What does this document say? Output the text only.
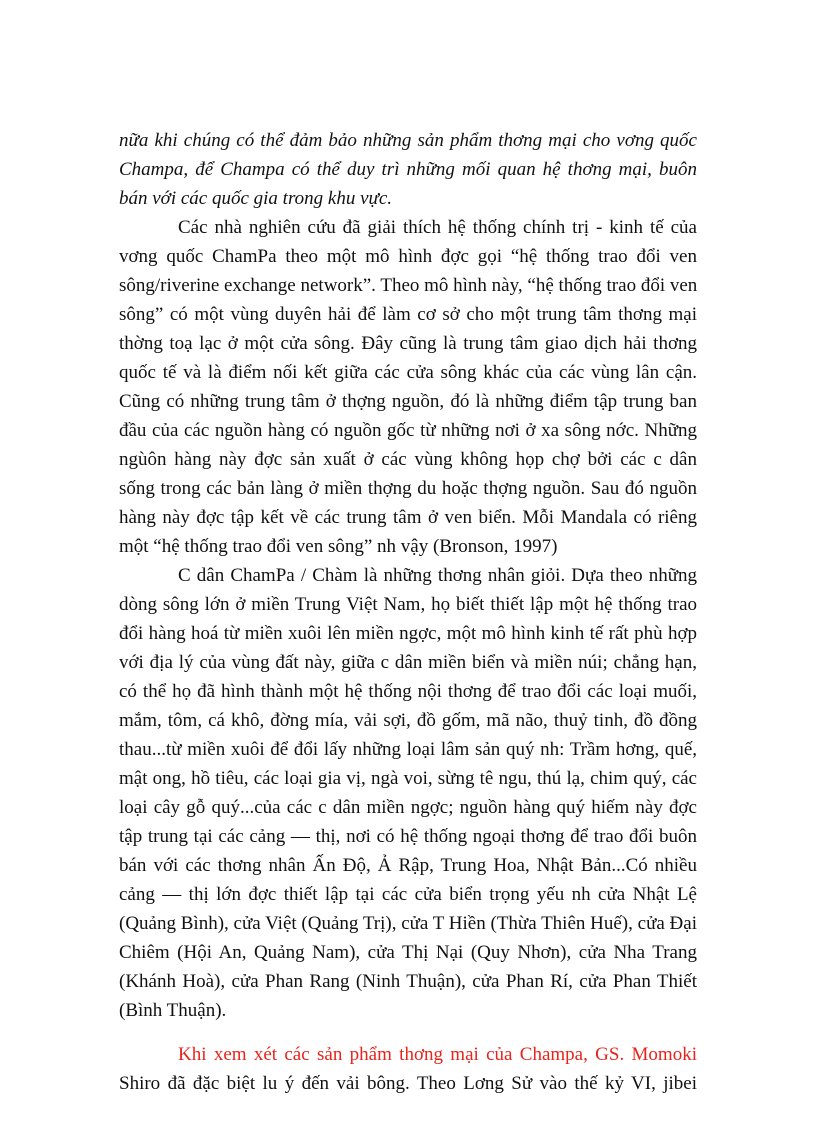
nữa khi chúng có thể đảm bảo những sản phẩm thơng mại cho vơng quốc
Champa, để Champa có thể duy trì những mối quan hệ thơng mại, buôn
bán với các quốc gia trong khu vực.
Các nhà nghiên cứu đã giải thích hệ thống chính trị - kinh tế của
vơng quốc ChamPa theo một mô hình đợc gọi “hệ thống trao đổi ven
sông/riverine exchange network”. Theo mô hình này, “hệ thống trao đổi ven
sông” có một vùng duyên hải để làm cơ sở cho một trung tâm thơng mại
thờng toạ lạc ở một cửa sông. Đây cũng là trung tâm giao dịch hải thơng
quốc tế và là điểm nối kết giữa các cửa sông khác của các vùng lân cận.
Cũng có những trung tâm ở thợng nguồn, đó là những điểm tập trung ban
đầu của các nguồn hàng có nguồn gốc từ những nơi ở xa sông nớc. Những
ngùôn hàng này đợc sản xuất ở các vùng không họp chợ bởi các c dân
sống trong các bản làng ở miền thợng du hoặc thợng nguồn. Sau đó nguồn
hàng này đợc tập kết về các trung tâm ở ven biển. Mỗi Mandala có riêng
một “hệ thống trao đổi ven sông” nh vậy (Bronson, 1997)
C dân ChamPa / Chàm là những thơng nhân giỏi. Dựa theo những
dòng sông lớn ở miền Trung Việt Nam, họ biết thiết lập một hệ thống trao
đổi hàng hoá từ miền xuôi lên miền ngợc, một mô hình kinh tế rất phù hợp
với địa lý của vùng đất này, giữa c dân miền biển và miền núi; chẳng hạn,
có thể họ đã hình thành một hệ thống nội thơng để trao đổi các loại muối,
mắm, tôm, cá khô, đờng mía, vải sợi, đồ gốm, mã não, thuỷ tinh, đồ đồng
thau...từ miền xuôi để đổi lấy những loại lâm sản quý nh: Trầm hơng, quế,
mật ong, hồ tiêu, các loại gia vị, ngà voi, sừng tê ngu, thú lạ, chim quý, các
loại cây gỗ quý...của các c dân miền ngợc; nguồn hàng quý hiếm này đợc
tập trung tại các cảng — thị, nơi có hệ thống ngoại thơng để trao đổi buôn
bán với các thơng nhân Ấn Độ, Ả Rập, Trung Hoa, Nhật Bản...Có nhiều
cảng — thị lớn đợc thiết lập tại các cửa biển trọng yếu nh cửa Nhật Lệ
(Quảng Bình), cửa Việt (Quảng Trị), cửa T Hiền (Thừa Thiên Huế), cửa Đại
Chiêm (Hội An, Quảng Nam), cửa Thị Nại (Quy Nhơn), cửa Nha Trang
(Khánh Hoà), cửa Phan Rang (Ninh Thuận), cửa Phan Rí, cửa Phan Thiết
(Bình Thuận).
Khi xem xét các sản phẩm thơng mại của Champa, GS. Momoki
Shiro đã đặc biệt lu ý đến vải bông. Theo Lơng Sử vào thế kỷ VI, jibei
